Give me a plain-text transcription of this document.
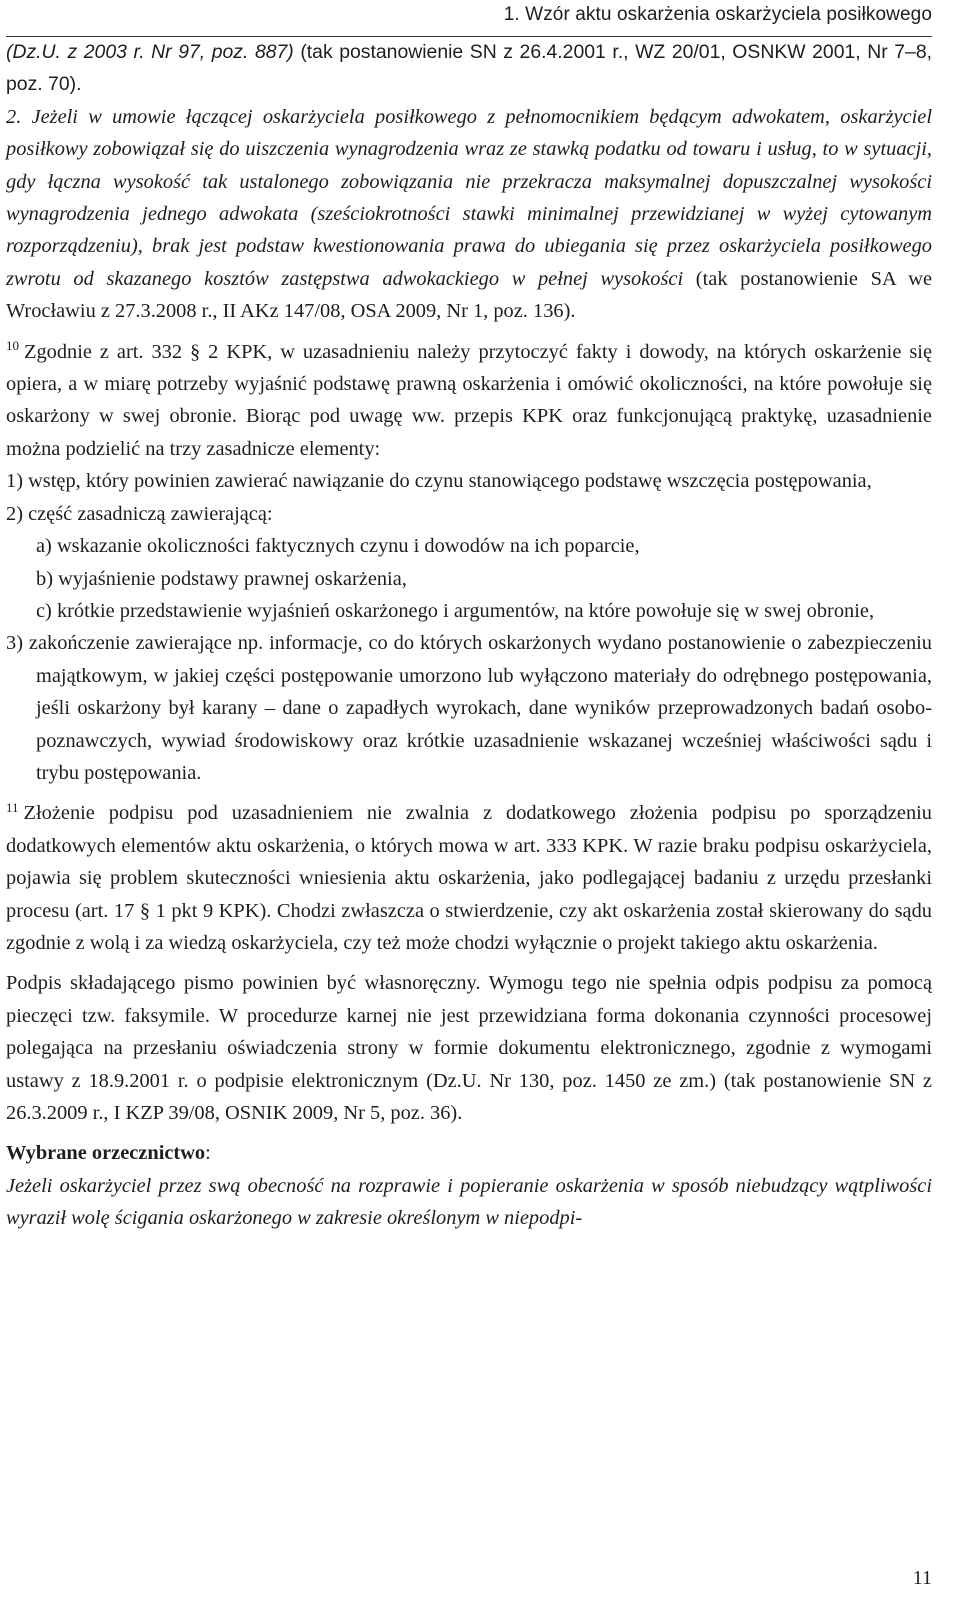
1. Wzór aktu oskarżenia oskarżyciela posiłkowego

(Dz.U. z 2003 r. Nr 97, poz. 887) (tak postanowienie SN z 26.4.2001 r., WZ 20/01, OSNKW 2001, Nr 7–8, poz. 70).

2. Jeżeli w umowie łączącej oskarżyciela posiłkowego z pełnomocnikiem będącym adwokatem, oskarżyciel posiłkowy zobowiązał się do uiszczenia wynagrodzenia wraz ze stawką podatku od towaru i usług, to w sytuacji, gdy łączna wysokość tak ustalonego zobowiązania nie przekracza maksymalnej dopuszczalnej wysokości wynagrodzenia jednego adwokata (sześciokrotności stawki minimalnej przewidzianej w wyżej cytowanym rozporządzeniu), brak jest podstaw kwestionowania prawa do ubiegania się przez oskarżyciela posiłkowego zwrotu od skazanego kosztów zastępstwa adwokackiego w pełnej wysokości (tak postanowienie SA we Wrocławiu z 27.3.2008 r., II AKz 147/08, OSA 2009, Nr 1, poz. 136).

$^{10}$ Zgodnie z art. 332 § 2 KPK, w uzasadnieniu należy przytoczyć fakty i dowody, na których oskarżenie się opiera, a w miarę potrzeby wyjaśnić podstawę prawną oskarżenia i omówić okoliczności, na które powołuje się oskarżony w swej obronie. Biorąc pod uwagę ww. przepis KPK oraz funkcjonującą praktykę, uzasadnienie można podzielić na trzy zasadnicze elementy:

1) wstęp, który powinien zawierać nawiązanie do czynu stanowiącego podstawę wszczęcia postępowania,
2) część zasadniczą zawierającą:
a) wskazanie okoliczności faktycznych czynu i dowodów na ich poparcie,
b) wyjaśnienie podstawy prawnej oskarżenia,
c) krótkie przedstawienie wyjaśnień oskarżonego i argumentów, na które powołuje się w swej obronie,
3) zakończenie zawierające np. informacje, co do których oskarżonych wydano postanowienie o zabezpieczeniu majątkowym, w jakiej części postępowanie umorzono lub wyłączono materiały do odrębnego postępowania, jeśli oskarżony był karany – dane o zapadłych wyrokach, dane wyników przeprowadzonych badań osobo-poznawczych, wywiad środowiskowy oraz krótkie uzasadnienie wskazanej wcześniej właściwości sądu i trybu postępowania.

$^{11}$ Złożenie podpisu pod uzasadnieniem nie zwalnia z dodatkowego złożenia podpisu po sporządzeniu dodatkowych elementów aktu oskarżenia, o których mowa w art. 333 KPK. W razie braku podpisu oskarżyciela, pojawia się problem skuteczności wniesienia aktu oskarżenia, jako podlegającej badaniu z urzędu przesłanki procesu (art. 17 § 1 pkt 9 KPK). Chodzi zwłaszcza o stwierdzenie, czy akt oskarżenia został skierowany do sądu zgodnie z wolą i za wiedzą oskarżyciela, czy też może chodzi wyłącznie o projekt takiego aktu oskarżenia.

Podpis składającego pismo powinien być własnoręczny. Wymogu tego nie spełnia odpis podpisu za pomocą pieczęci tzw. faksymile. W procedurze karnej nie jest przewidziana forma dokonania czynności procesowej polegająca na przesłaniu oświadczenia strony w formie dokumentu elektronicznego, zgodnie z wymogami ustawy z 18.9.2001 r. o podpisie elektronicznym (Dz.U. Nr 130, poz. 1450 ze zm.) (tak postanowienie SN z 26.3.2009 r., I KZP 39/08, OSNIK 2009, Nr 5, poz. 36).

Wybrane orzecznictwo:

Jeżeli oskarżyciel przez swą obecność na rozprawie i popieranie oskarżenia w sposób niebudzący wątpliwości wyraził wolę ścigania oskarżonego w zakresie określonym w niepodpi-

11
